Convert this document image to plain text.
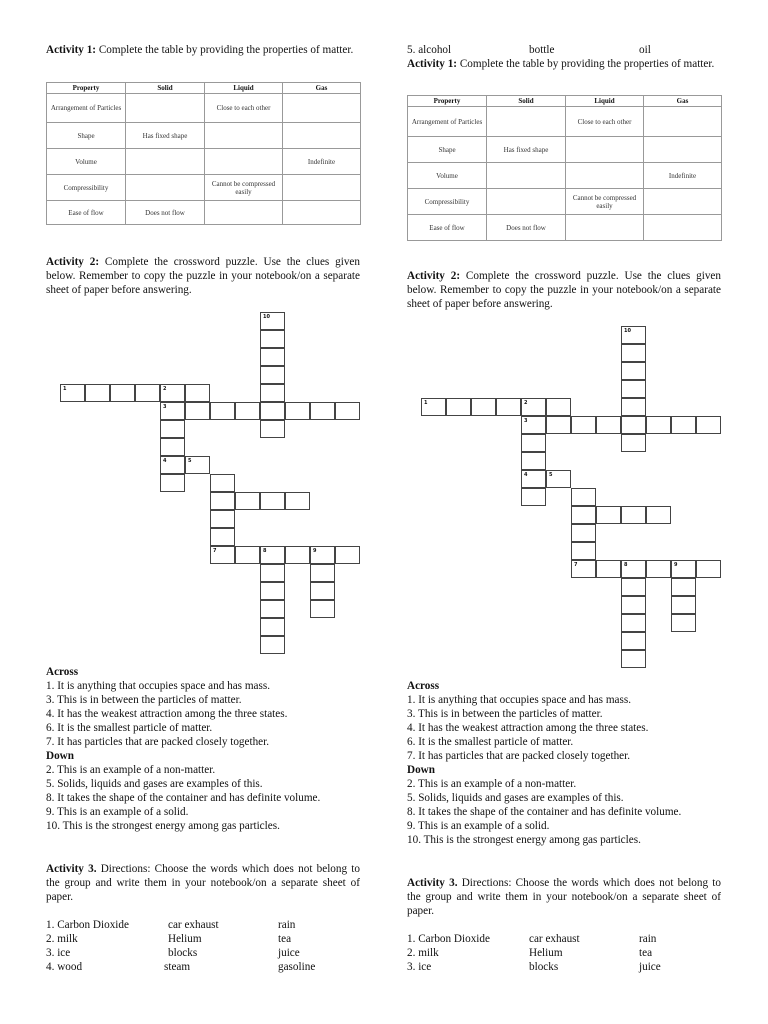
Activity 1: Complete the table by providing the properties of matter.
Property	Solid	Liquid	Gas
Arrangement of Particles		Close to each other	
Shape	Has fixed shape		
Volume			Indefinite
Compressibility		Cannot be compressed easily	
Ease of flow	Does not flow		
Activity 2: Complete the crossword puzzle. Use the clues given below. Remember to copy the puzzle in your notebook/on a separate sheet of paper before answering.
10
1	2
3
4	5
7	8	9
Across
1. It is anything that occupies space and has mass.
3. This is in between the particles of matter.
4. It has the weakest attraction among the three states.
6. It is the smallest particle of matter.
7. It has particles that are packed closely together.
Down
2. This is an example of a non-matter.
5. Solids, liquids and gases are examples of this.
8. It takes the shape of the container and has definite volume.
9. This is an example of a solid.
10. This is the strongest energy among gas particles.
Activity 3. Directions: Choose the words which does not belong to the group and write them in your notebook/on a separate sheet of paper.
1. Carbon Dioxide	car exhaust	rain
2. milk	Helium	tea
3. ice	blocks	juice
4. wood	steam	gasoline
5. alcohol	bottle	oil
Activity 1: Complete the table by providing the properties of matter.
Property	Solid	Liquid	Gas
Arrangement of Particles		Close to each other	
Shape	Has fixed shape		
Volume			Indefinite
Compressibility		Cannot be compressed easily	
Ease of flow	Does not flow		
Activity 2: Complete the crossword puzzle. Use the clues given below. Remember to copy the puzzle in your notebook/on a separate sheet of paper before answering.
10
1	2
3
4	5
7	8	9
Across
1. It is anything that occupies space and has mass.
3. This is in between the particles of matter.
4. It has the weakest attraction among the three states.
6. It is the smallest particle of matter.
7. It has particles that are packed closely together.
Down
2. This is an example of a non-matter.
5. Solids, liquids and gases are examples of this.
8. It takes the shape of the container and has definite volume.
9. This is an example of a solid.
10. This is the strongest energy among gas particles.
Activity 3. Directions: Choose the words which does not belong to the group and write them in your notebook/on a separate sheet of paper.
1. Carbon Dioxide	car exhaust	rain
2. milk	Helium	tea
3. ice	blocks	juice
